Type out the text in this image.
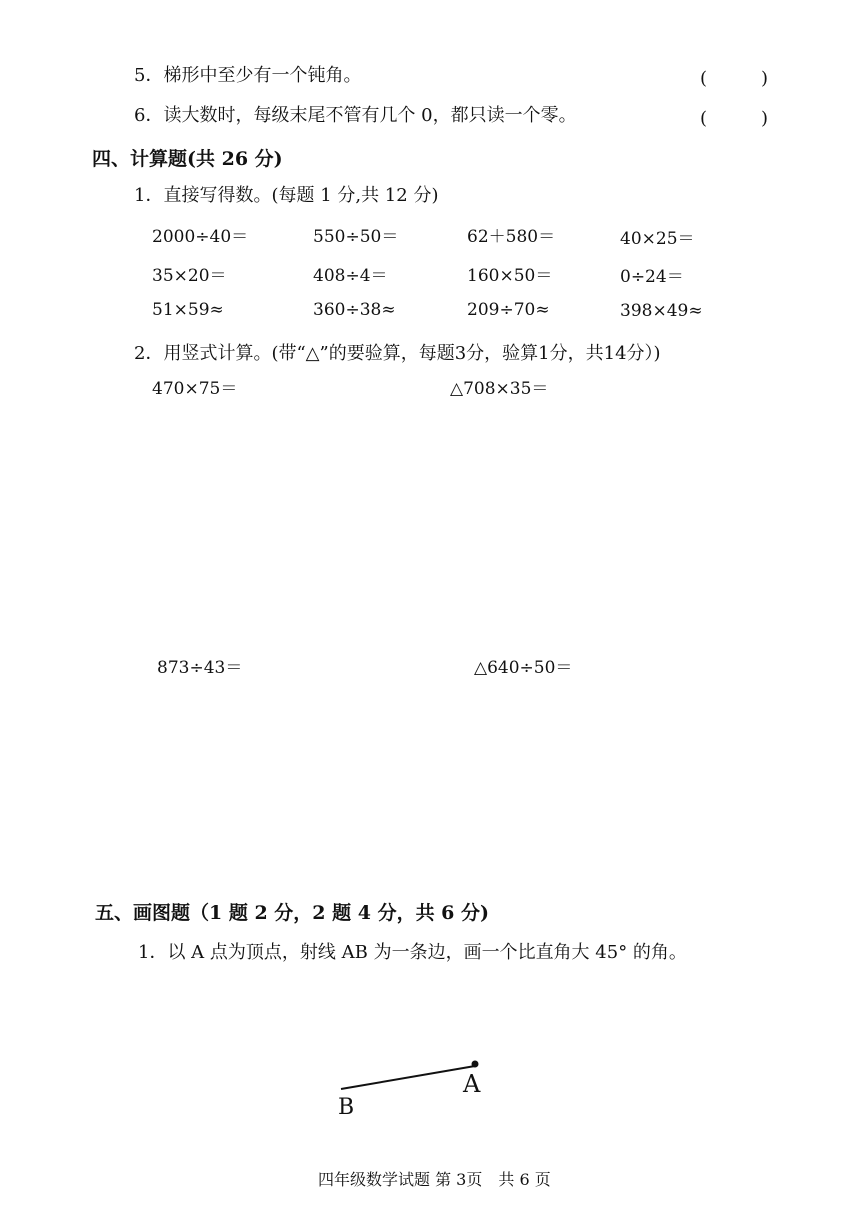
5．梯形中至少有一个钝角。	(　　　)
6．读大数时，每级末尾不管有几个 0，都只读一个零。	(　　　)
四、计算题(共 26 分)
1．直接写得数。(每题 1 分,共 12 分)
2000÷40＝	550÷50＝	62＋580＝	40×25＝
35×20＝	408÷4＝	160×50＝	0÷24＝
51×59≈	360÷38≈	209÷70≈	398×49≈
2．用竖式计算。(带“△”的要验算，每题3分，验算1分，共14分）)
470×75＝	△708×35＝
873÷43＝	△640÷50＝
五、画图题（1 题 2 分，2 题 4 分，共 6 分)
1．以 A 点为顶点，射线 AB 为一条边，画一个比直角大 45° 的角。
A
B
四年级数学试题 第 3页　共 6 页
